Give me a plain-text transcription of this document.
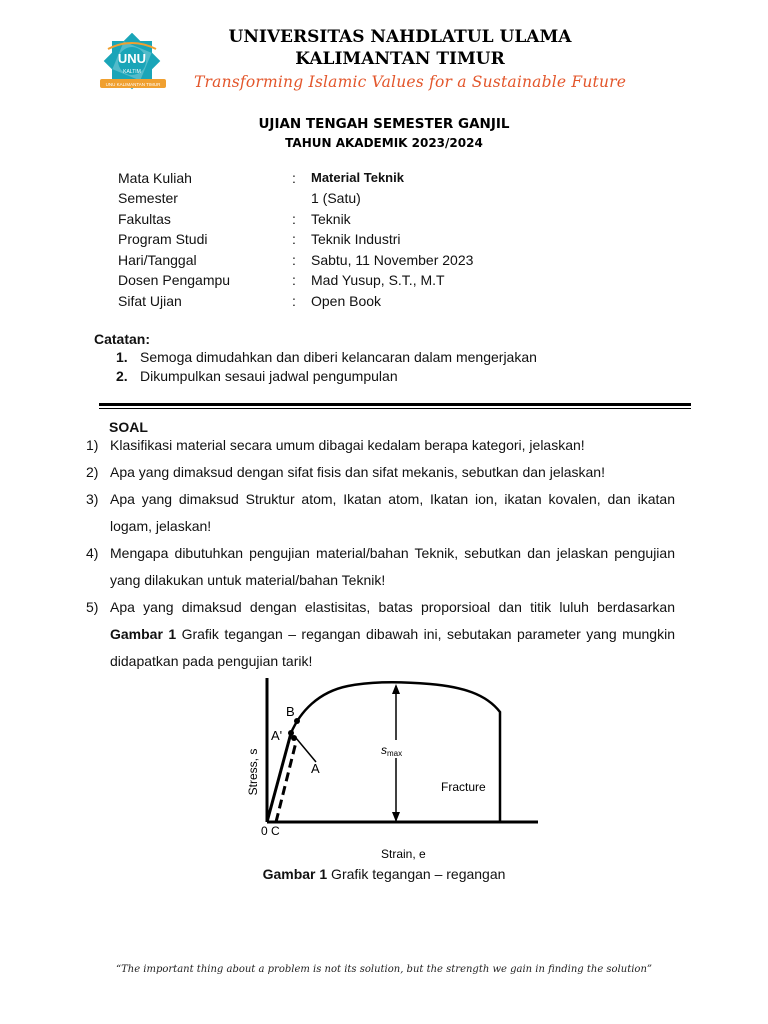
UNU
KALTIM
UNU KALIMANTAN TIMUR
UNIVERSITAS NAHDLATUL ULAMA
KALIMANTAN TIMUR
Transforming Islamic Values for a Sustainable Future
UJIAN TENGAH SEMESTER GANJIL
TAHUN AKADEMIK 2023/2024
Mata Kuliah	: Material Teknik
Semester	1 (Satu)
Fakultas	: Teknik
Program Studi	: Teknik Industri
Hari/Tanggal	: Sabtu, 11 November 2023
Dosen Pengampu	: Mad Yusup, S.T., M.T
Sifat Ujian	: Open Book
Catatan:
1. Semoga dimudahkan dan diberi kelancaran dalam mengerjakan
2. Dikumpulkan sesaui jadwal pengumpulan
SOAL
1) Klasifikasi material secara umum dibagai kedalam berapa kategori, jelaskan!
2) Apa yang dimaksud dengan sifat fisis dan sifat mekanis, sebutkan dan jelaskan!
3) Apa yang dimaksud Struktur atom, Ikatan atom, Ikatan ion, ikatan kovalen, dan ikatan logam, jelaskan!
4) Mengapa dibutuhkan pengujian material/bahan Teknik, sebutkan dan jelaskan pengujian yang dilakukan untuk material/bahan Teknik!
5) Apa yang dimaksud dengan elastisitas, batas proporsioal dan titik luluh berdasarkan Gambar 1 Grafik tegangan – regangan dibawah ini, sebutakan parameter yang mungkin didapatkan pada pengujian tarik!
B
A'
A
smax
Fracture
0 C
Strain, e
Stress, s
Gambar 1 Grafik tegangan – regangan
“The important thing about a problem is not its solution, but the strength we gain in finding the solution”
